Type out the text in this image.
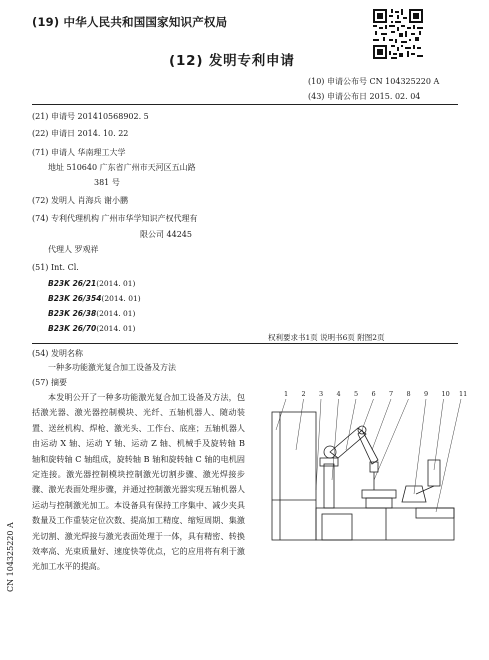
(19) 中华人民共和国国家知识产权局
(12) 发明专利申请
(10) 申请公布号 CN 104325220 A
(43) 申请公布日 2015. 02. 04
(21) 申请号 201410568902. 5
(22) 申请日 2014. 10. 22
(71) 申请人 华南理工大学
地址 510640 广东省广州市天河区五山路
381 号
(72) 发明人 肖海兵 谢小鹏
(74) 专利代理机构 广州市华学知识产权代理有
限公司 44245
代理人 罗观祥
(51) Int. Cl.
B23K 26/21(2014. 01)
B23K 26/354(2014. 01)
B23K 26/38(2014. 01)
B23K 26/70(2014. 01)
权利要求书1页 说明书6页 附图2页
(54) 发明名称
一种多功能激光复合加工设备及方法
(57) 摘要
本发明公开了一种多功能激光复合加工设备及方法，包括激光器、激光器控制模块、光纤、五轴机器人、随动装置、送丝机构、焊枪、激光头、工作台、底座；五轴机器人由运动 X 轴、运动 Y 轴、运动 Z 轴、机械手及旋转轴 B 轴和旋转轴 C 轴组成，旋转轴 B 轴和旋转轴 C 轴的电机固定连接。激光器控制模块控制激光切割步骤、激光焊接步骤、激光表面处理步骤，并通过控制激光器实现五轴机器人运动与控制激光加工。本设备具有保持工序集中、减少夹具数量及工作重装定位次数、提高加工精度、缩短周期、集激光切割、激光焊接与激光表面处理于一体，具有精密、转换效率高、光束质量好、速度快等优点，它的应用将有利于激光加工水平的提高。
1 2 3 4 5 6 7 8 9 10 11
CN 104325220 A
